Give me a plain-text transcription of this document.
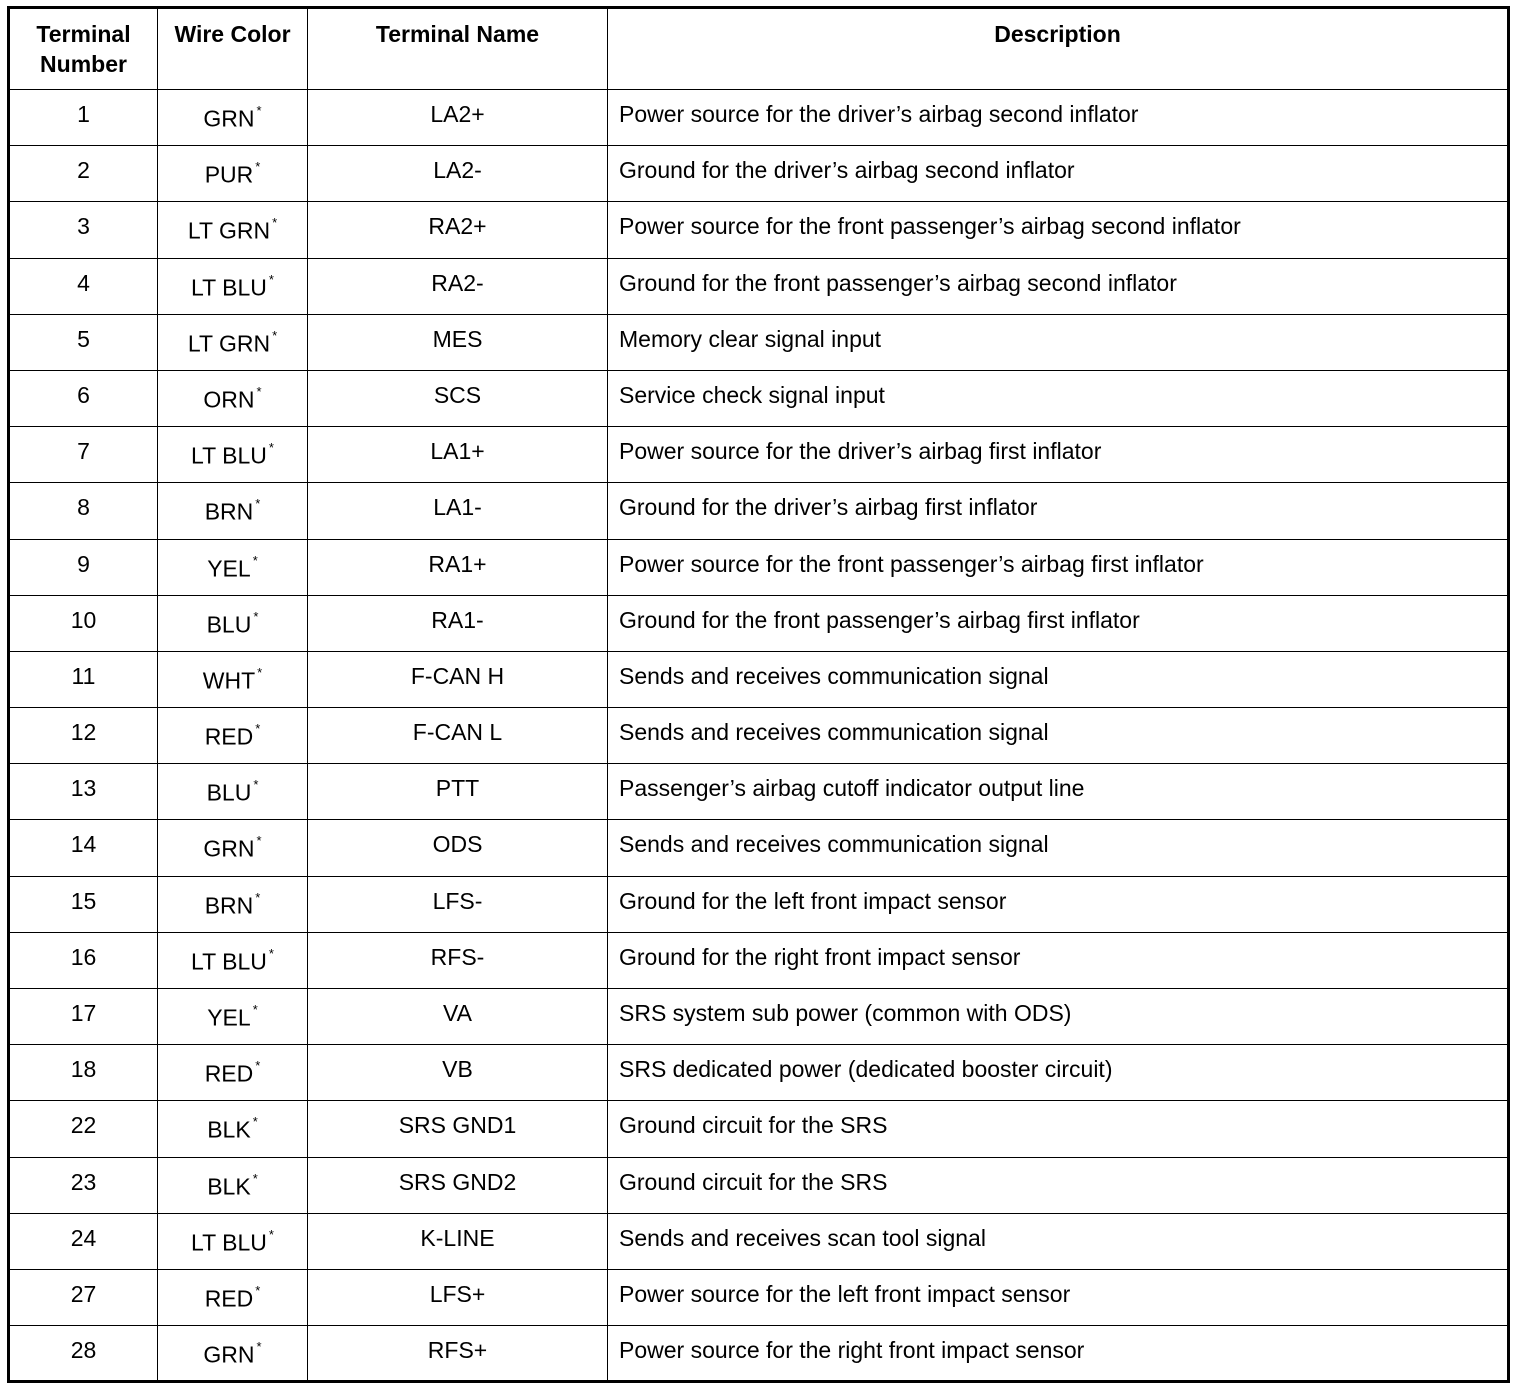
Terminal
Number	Wire Color	Terminal Name	Description
1	GRN *	LA2+	Power source for the driver’s airbag second inflator
2	PUR *	LA2-	Ground for the driver’s airbag second inflator
3	LT GRN *	RA2+	Power source for the front passenger’s airbag second inflator
4	LT BLU *	RA2-	Ground for the front passenger’s airbag second inflator
5	LT GRN *	MES	Memory clear signal input
6	ORN *	SCS	Service check signal input
7	LT BLU *	LA1+	Power source for the driver’s airbag first inflator
8	BRN *	LA1-	Ground for the driver’s airbag first inflator
9	YEL *	RA1+	Power source for the front passenger’s airbag first inflator
10	BLU *	RA1-	Ground for the front passenger’s airbag first inflator
11	WHT *	F-CAN H	Sends and receives communication signal
12	RED *	F-CAN L	Sends and receives communication signal
13	BLU *	PTT	Passenger’s airbag cutoff indicator output line
14	GRN *	ODS	Sends and receives communication signal
15	BRN *	LFS-	Ground for the left front impact sensor
16	LT BLU *	RFS-	Ground for the right front impact sensor
17	YEL *	VA	SRS system sub power (common with ODS)
18	RED *	VB	SRS dedicated power (dedicated booster circuit)
22	BLK *	SRS GND1	Ground circuit for the SRS
23	BLK *	SRS GND2	Ground circuit for the SRS
24	LT BLU *	K-LINE	Sends and receives scan tool signal
27	RED *	LFS+	Power source for the left front impact sensor
28	GRN *	RFS+	Power source for the right front impact sensor
